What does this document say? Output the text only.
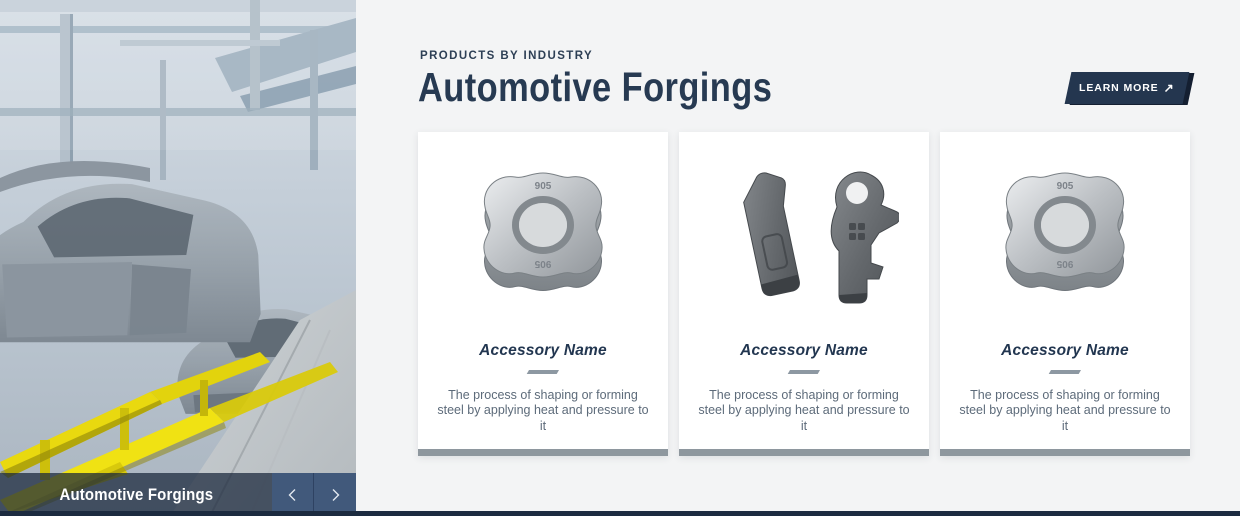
Automotive Forgings
PRODUCTS BY INDUSTRY
Automotive Forgings	LEARN MORE ↗
905
905
Accessory Name

The process of shaping or forming steel by applying heat and pressure to it

Accessory Name

The process of shaping or forming steel by applying heat and pressure to it

905
905
Accessory Name

The process of shaping or forming steel by applying heat and pressure to it
